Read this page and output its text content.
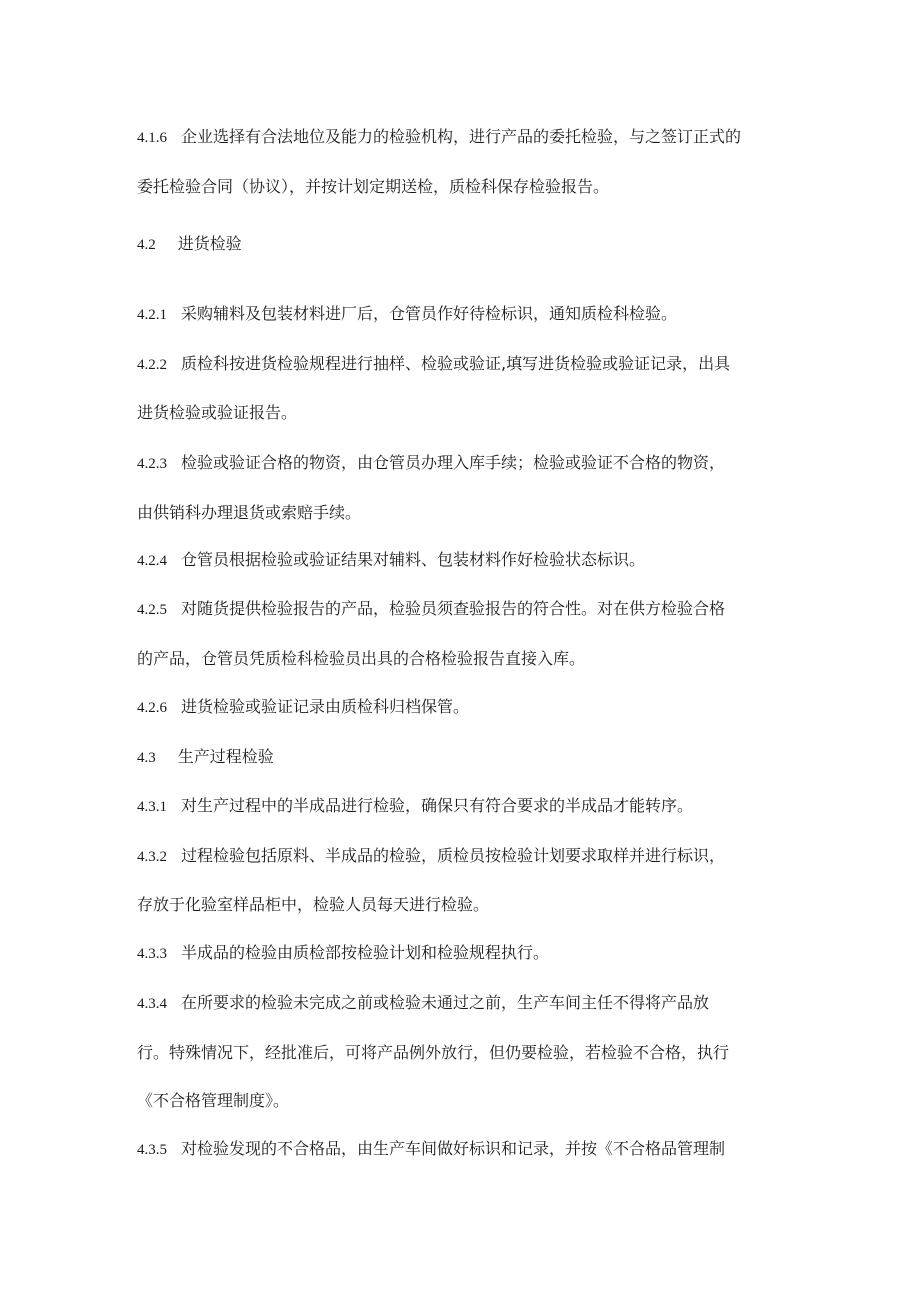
4.1.6 企业选择有合法地位及能力的检验机构，进行产品的委托检验，与之签订正式的
委托检验合同（协议），并按计划定期送检，质检科保存检验报告。
4.2 进货检验
4.2.1 采购辅料及包装材料进厂后，仓管员作好待检标识，通知质检科检验。
4.2.2 质检科按进货检验规程进行抽样、检验或验证,填写进货检验或验证记录，出具
进货检验或验证报告。
4.2.3 检验或验证合格的物资，由仓管员办理入库手续；检验或验证不合格的物资，
由供销科办理退货或索赔手续。
4.2.4 仓管员根据检验或验证结果对辅料、包装材料作好检验状态标识。
4.2.5 对随货提供检验报告的产品，检验员须查验报告的符合性。对在供方检验合格
的产品，仓管员凭质检科检验员出具的合格检验报告直接入库。
4.2.6 进货检验或验证记录由质检科归档保管。
4.3 生产过程检验
4.3.1 对生产过程中的半成品进行检验，确保只有符合要求的半成品才能转序。
4.3.2 过程检验包括原料、半成品的检验，质检员按检验计划要求取样并进行标识，
存放于化验室样品柜中，检验人员每天进行检验。
4.3.3 半成品的检验由质检部按检验计划和检验规程执行。
4.3.4 在所要求的检验未完成之前或检验未通过之前，生产车间主任不得将产品放
行。特殊情况下，经批准后，可将产品例外放行，但仍要检验，若检验不合格，执行
《不合格管理制度》。
4.3.5 对检验发现的不合格品，由生产车间做好标识和记录，并按《不合格品管理制
